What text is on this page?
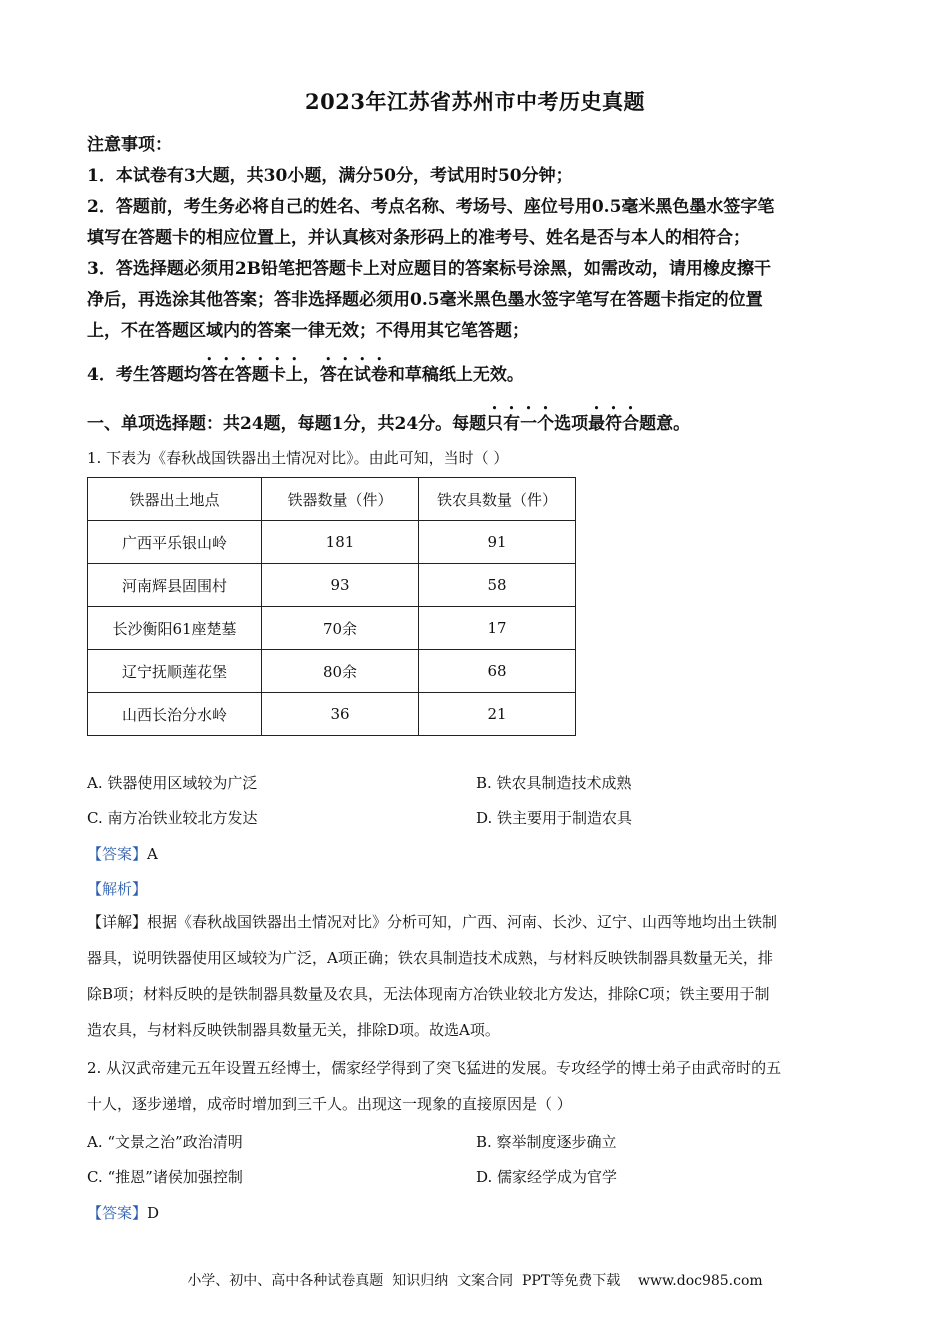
2023年江苏省苏州市中考历史真题
注意事项：
1．本试卷有3大题，共30小题，满分50分，考试用时50分钟；
2．答题前，考生务必将自己的姓名、考点名称、考场号、座位号用0.5毫米黑色墨水签字笔
填写在答题卡的相应位置上，并认真核对条形码上的准考号、姓名是否与本人的相符合；
3．答选择题必须用2B铅笔把答题卡上对应题目的答案标号涂黑，如需改动，请用橡皮擦干
净后，再选涂其他答案；答非选择题必须用0.5毫米黑色墨水签字笔写在答题卡指定的位置
上，不在答题区域内的答案一律无效；不得用其它笔答题；
4．考生答题均答在答题卡上，答在试卷和草稿纸上无效。
一、单项选择题：共24题，每题1分，共24分。每题只有一个选项最符合题意。
1. 下表为《春秋战国铁器出土情况对比》。由此可知，当时（ ）
铁器出土地点	铁器数量（件）	铁农具数量（件）
广西平乐银山岭	181	91
河南辉县固围村	93	58
长沙衡阳61座楚墓	70余	17
辽宁抚顺莲花堡	80余	68
山西长治分水岭	36	21
A. 铁器使用区域较为广泛	B. 铁农具制造技术成熟
C. 南方冶铁业较北方发达	D. 铁主要用于制造农具
【答案】A
【解析】
【详解】根据《春秋战国铁器出土情况对比》分析可知，广西、河南、长沙、辽宁、山西等地均出土铁制
器具，说明铁器使用区域较为广泛，A项正确；铁农具制造技术成熟，与材料反映铁制器具数量无关，排
除B项；材料反映的是铁制器具数量及农具，无法体现南方冶铁业较北方发达，排除C项；铁主要用于制
造农具，与材料反映铁制器具数量无关，排除D项。故选A项。
2. 从汉武帝建元五年设置五经博士，儒家经学得到了突飞猛进的发展。专攻经学的博士弟子由武帝时的五
十人，逐步递增，成帝时增加到三千人。出现这一现象的直接原因是（ ）
A. “文景之治”政治清明	B. 察举制度逐步确立
C. “推恩”诸侯加强控制	D. 儒家经学成为官学
【答案】D
小学、初中、高中各种试卷真题  知识归纳  文案合同  PPT等免费下载    www.doc985.com
